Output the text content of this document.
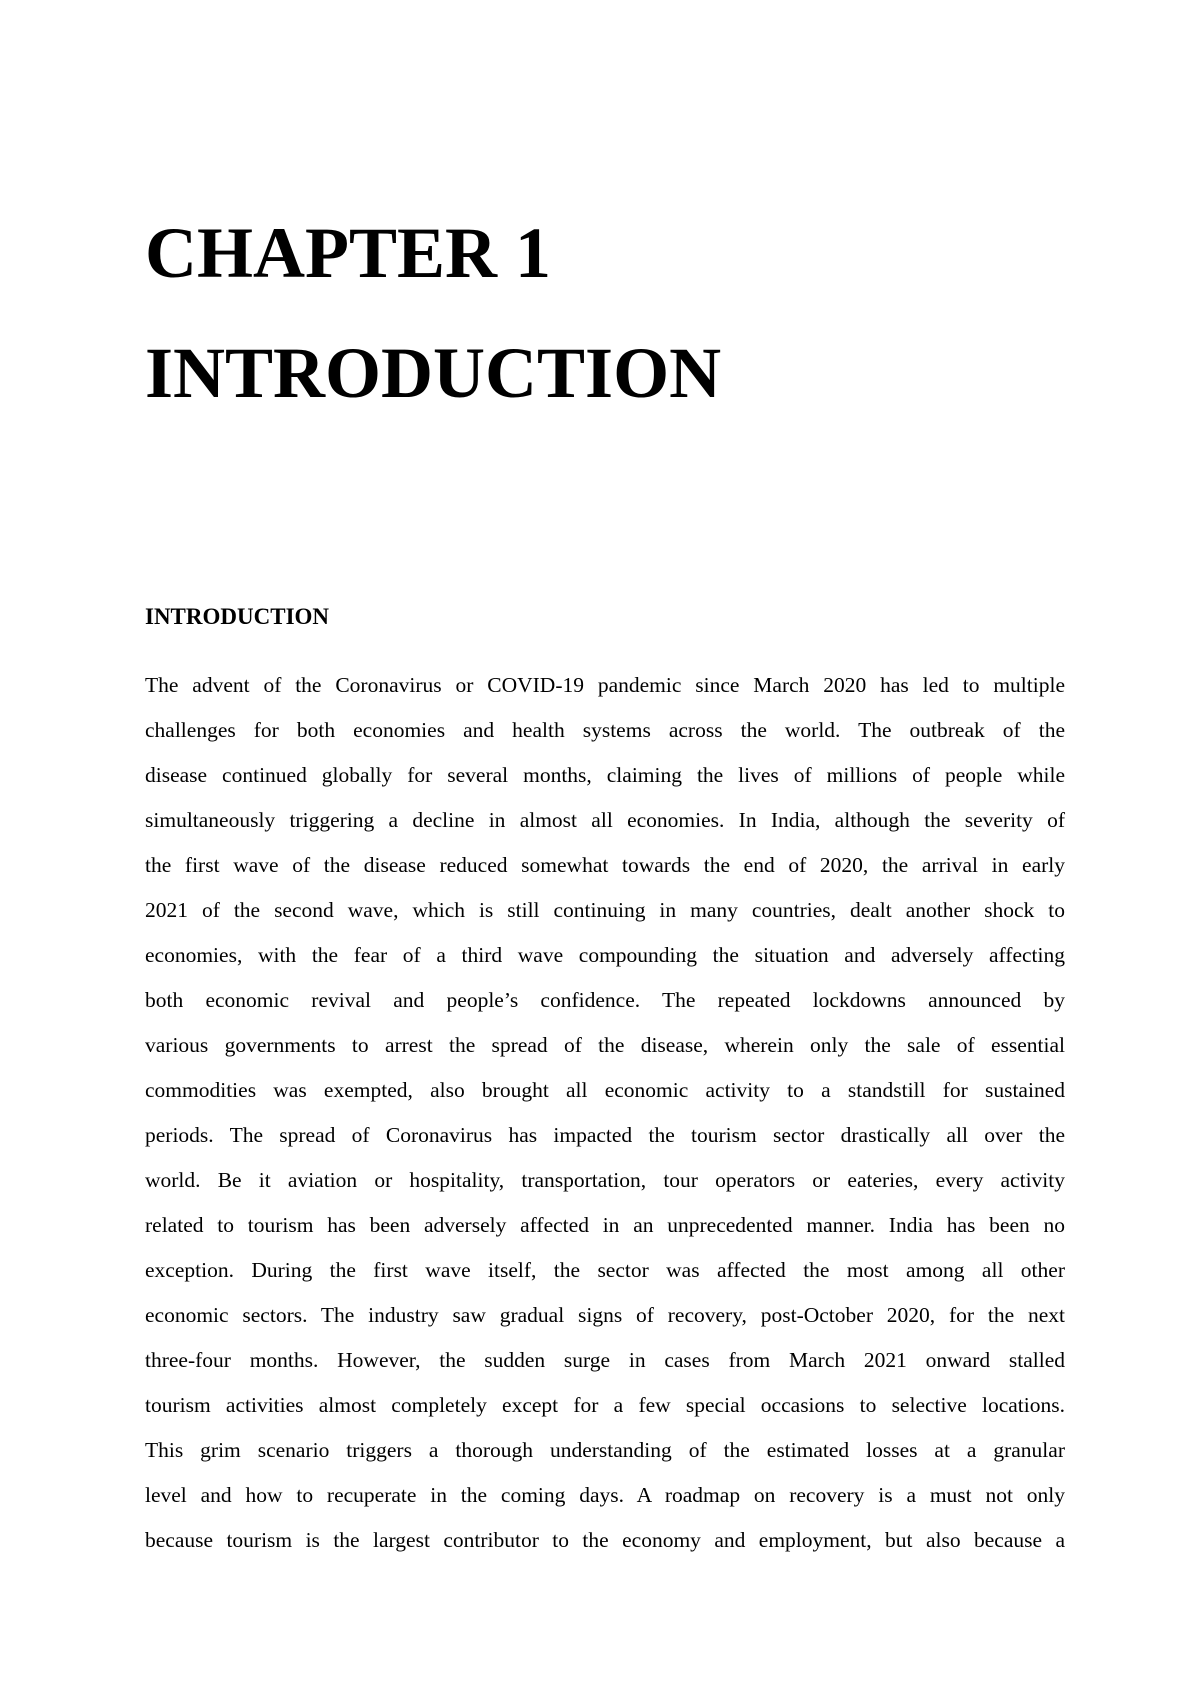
CHAPTER 1
INTRODUCTION
INTRODUCTION
The advent of the Coronavirus or COVID-19 pandemic since March 2020 has led to multiple
challenges for both economies and health systems across the world. The outbreak of the
disease continued globally for several months, claiming the lives of millions of people while
simultaneously triggering a decline in almost all economies. In India, although the severity of
the first wave of the disease reduced somewhat towards the end of 2020, the arrival in early
2021 of the second wave, which is still continuing in many countries, dealt another shock to
economies, with the fear of a third wave compounding the situation and adversely affecting
both economic revival and people’s confidence. The repeated lockdowns announced by
various governments to arrest the spread of the disease, wherein only the sale of essential
commodities was exempted, also brought all economic activity to a standstill for sustained
periods. The spread of Coronavirus has impacted the tourism sector drastically all over the
world. Be it aviation or hospitality, transportation, tour operators or eateries, every activity
related to tourism has been adversely affected in an unprecedented manner. India has been no
exception. During the first wave itself, the sector was affected the most among all other
economic sectors. The industry saw gradual signs of recovery, post-October 2020, for the next
three-four months. However, the sudden surge in cases from March 2021 onward stalled
tourism activities almost completely except for a few special occasions to selective locations.
This grim scenario triggers a thorough understanding of the estimated losses at a granular
level and how to recuperate in the coming days. A roadmap on recovery is a must not only
because tourism is the largest contributor to the economy and employment, but also because a
